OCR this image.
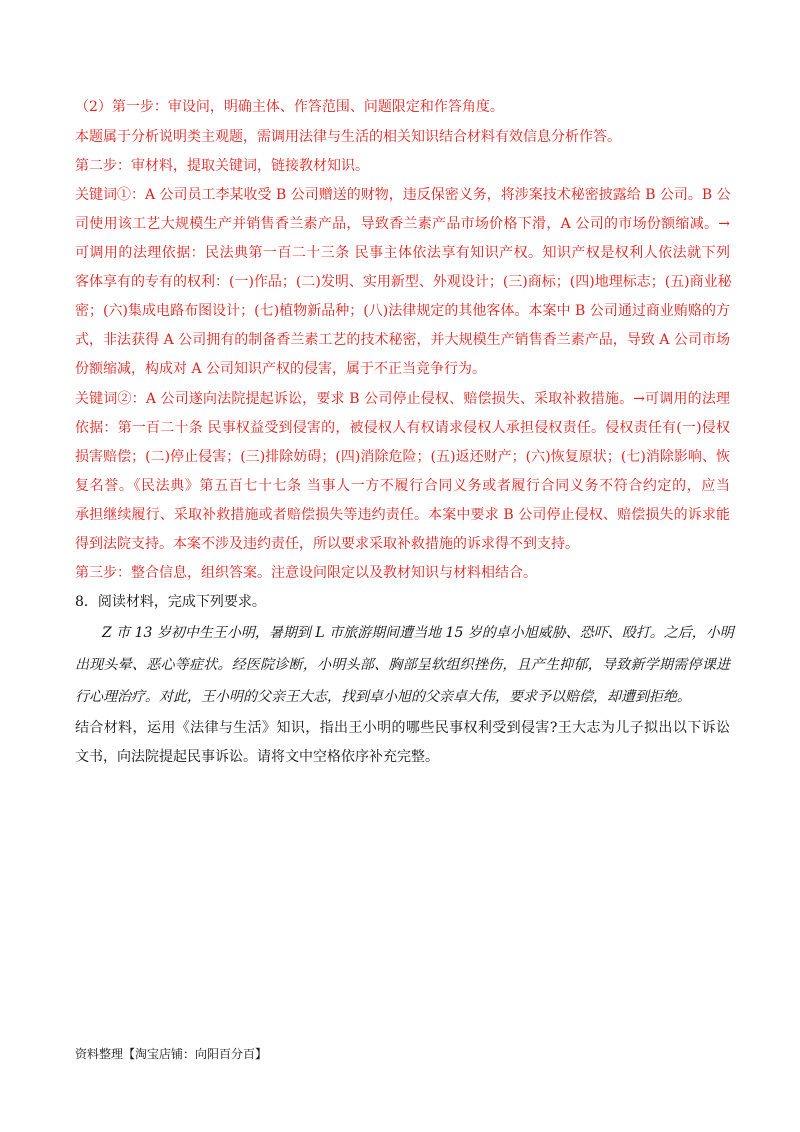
（2）第一步：审设问，明确主体、作答范围、问题限定和作答角度。
本题属于分析说明类主观题，需调用法律与生活的相关知识结合材料有效信息分析作答。
第二步：审材料，提取关键词，链接教材知识。
关键词①：A 公司员工李某收受 B 公司赠送的财物，违反保密义务，将涉案技术秘密披露给 B 公司。B 公
司使用该工艺大规模生产并销售香兰素产品，导致香兰素产品市场价格下滑，A 公司的市场份额缩减。→
可调用的法理依据：民法典第一百二十三条 民事主体依法享有知识产权。知识产权是权利人依法就下列
客体享有的专有的权利：(一)作品；(二)发明、实用新型、外观设计；(三)商标；(四)地理标志；(五)商业秘
密；(六)集成电路布图设计；(七)植物新品种；(八)法律规定的其他客体。本案中 B 公司通过商业贿赂的方
式，非法获得 A 公司拥有的制备香兰素工艺的技术秘密，并大规模生产销售香兰素产品，导致 A 公司市场
份额缩减，构成对 A 公司知识产权的侵害，属于不正当竞争行为。
关键词②：A 公司遂向法院提起诉讼，要求 B 公司停止侵权、赔偿损失、采取补救措施。→可调用的法理
依据：第一百二十条 民事权益受到侵害的，被侵权人有权请求侵权人承担侵权责任。侵权责任有(一)侵权
损害赔偿；(二)停止侵害；(三)排除妨碍；(四)消除危险；(五)返还财产；(六)恢复原状；(七)消除影响、恢
复名誉。《民法典》第五百七十七条 当事人一方不履行合同义务或者履行合同义务不符合约定的，应当
承担继续履行、采取补救措施或者赔偿损失等违约责任。本案中要求 B 公司停止侵权、赔偿损失的诉求能
得到法院支持。本案不涉及违约责任，所以要求采取补救措施的诉求得不到支持。
第三步：整合信息，组织答案。注意设问限定以及教材知识与材料相结合。
8．阅读材料，完成下列要求。
Z 市 13 岁初中生王小明，暑期到 L 市旅游期间遭当地 15 岁的卓小旭威胁、恐吓、殴打。之后，小明
出现头晕、恶心等症状。经医院诊断，小明头部、胸部呈软组织挫伤，且产生抑郁，导致新学期需停课进
行心理治疗。对此，王小明的父亲王大志，找到卓小旭的父亲卓大伟，要求予以赔偿，却遭到拒绝。
结合材料，运用《法律与生活》知识，指出王小明的哪些民事权利受到侵害?王大志为儿子拟出以下诉讼
文书，向法院提起民事诉讼。请将文中空格依序补充完整。
资料整理【淘宝店铺：向阳百分百】
